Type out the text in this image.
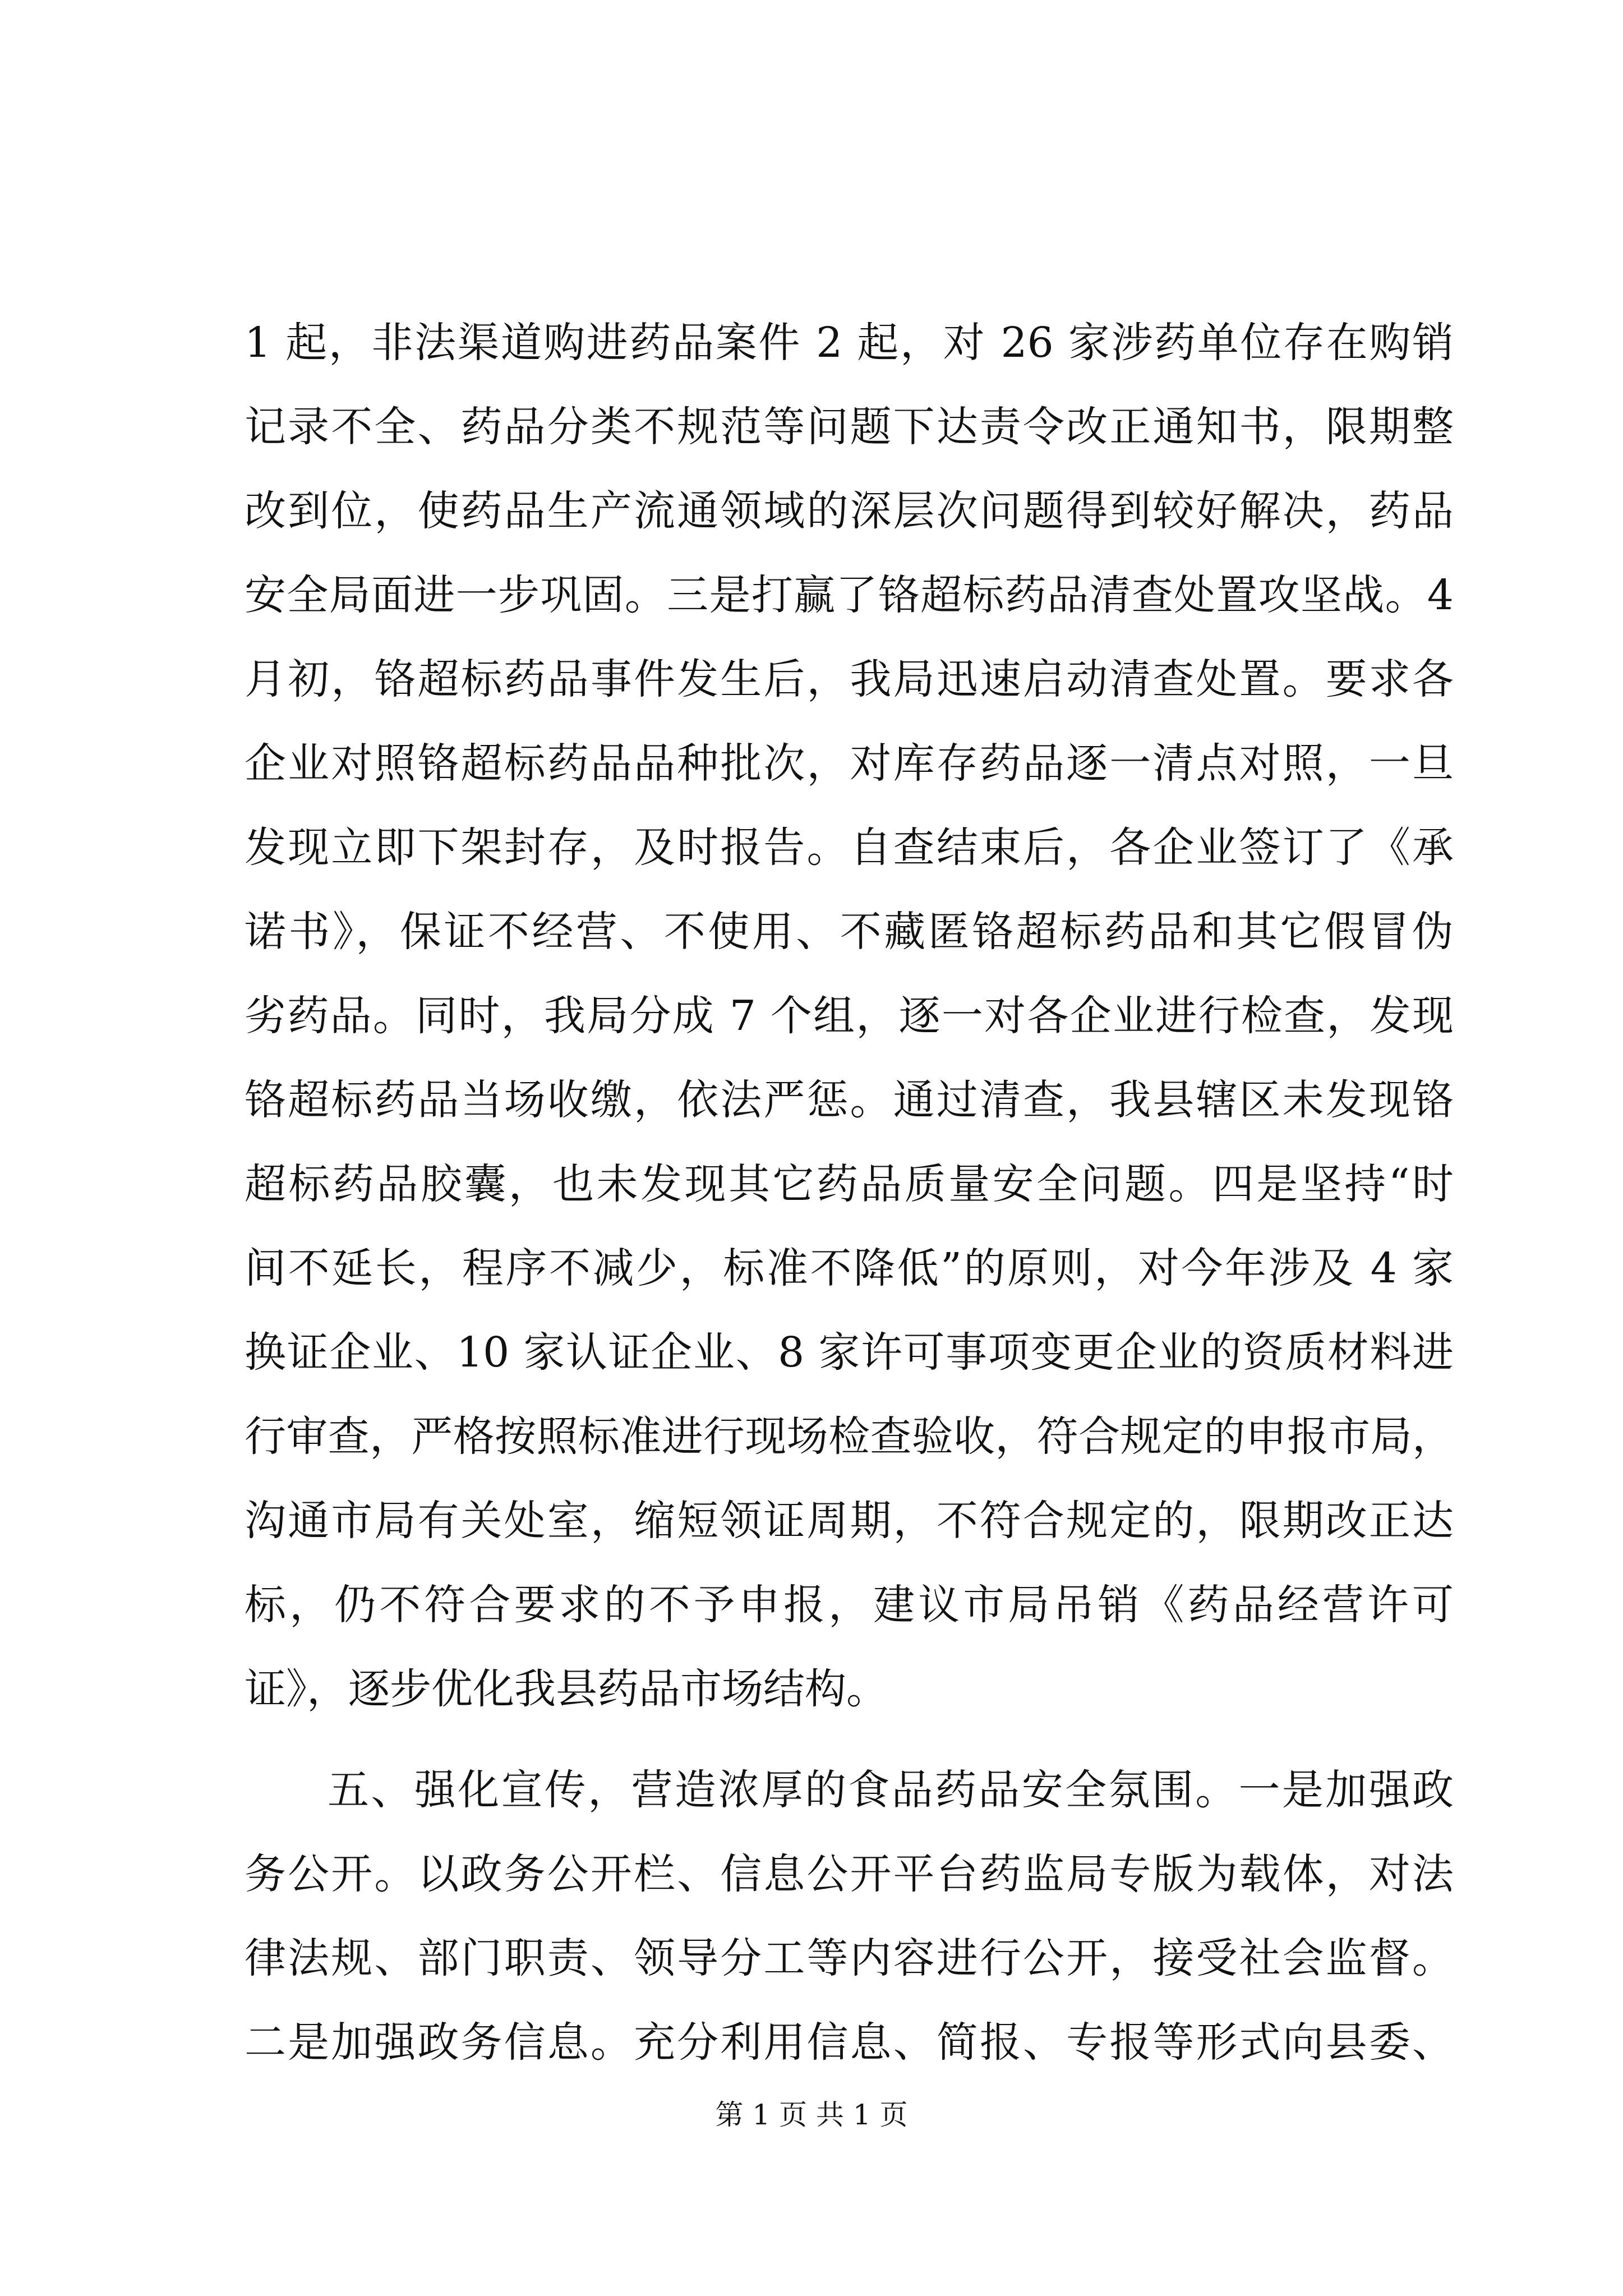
1 起，非法渠道购进药品案件 2 起，对 26 家涉药单位存在购销
记录不全、药品分类不规范等问题下达责令改正通知书，限期整
改到位，使药品生产流通领域的深层次问题得到较好解决，药品
安全局面进一步巩固。三是打赢了铬超标药品清查处置攻坚战。4
月初，铬超标药品事件发生后，我局迅速启动清查处置。要求各
企业对照铬超标药品品种批次，对库存药品逐一清点对照，一旦
发现立即下架封存，及时报告。自查结束后，各企业签订了《承
诺书》，保证不经营、不使用、不藏匿铬超标药品和其它假冒伪
劣药品。同时，我局分成 7 个组，逐一对各企业进行检查，发现
铬超标药品当场收缴，依法严惩。通过清查，我县辖区未发现铬
超标药品胶囊，也未发现其它药品质量安全问题。四是坚持“时
间不延长，程序不减少，标准不降低”的原则，对今年涉及 4 家
换证企业、10 家认证企业、8 家许可事项变更企业的资质材料进
行审查，严格按照标准进行现场检查验收，符合规定的申报市局，
沟通市局有关处室，缩短领证周期，不符合规定的，限期改正达
标，仍不符合要求的不予申报，建议市局吊销《药品经营许可
证》，逐步优化我县药品市场结构。
五、强化宣传，营造浓厚的食品药品安全氛围。一是加强政
务公开。以政务公开栏、信息公开平台药监局专版为载体，对法
律法规、部门职责、领导分工等内容进行公开，接受社会监督。
二是加强政务信息。充分利用信息、简报、专报等形式向县委、
第 1 页 共 1 页
